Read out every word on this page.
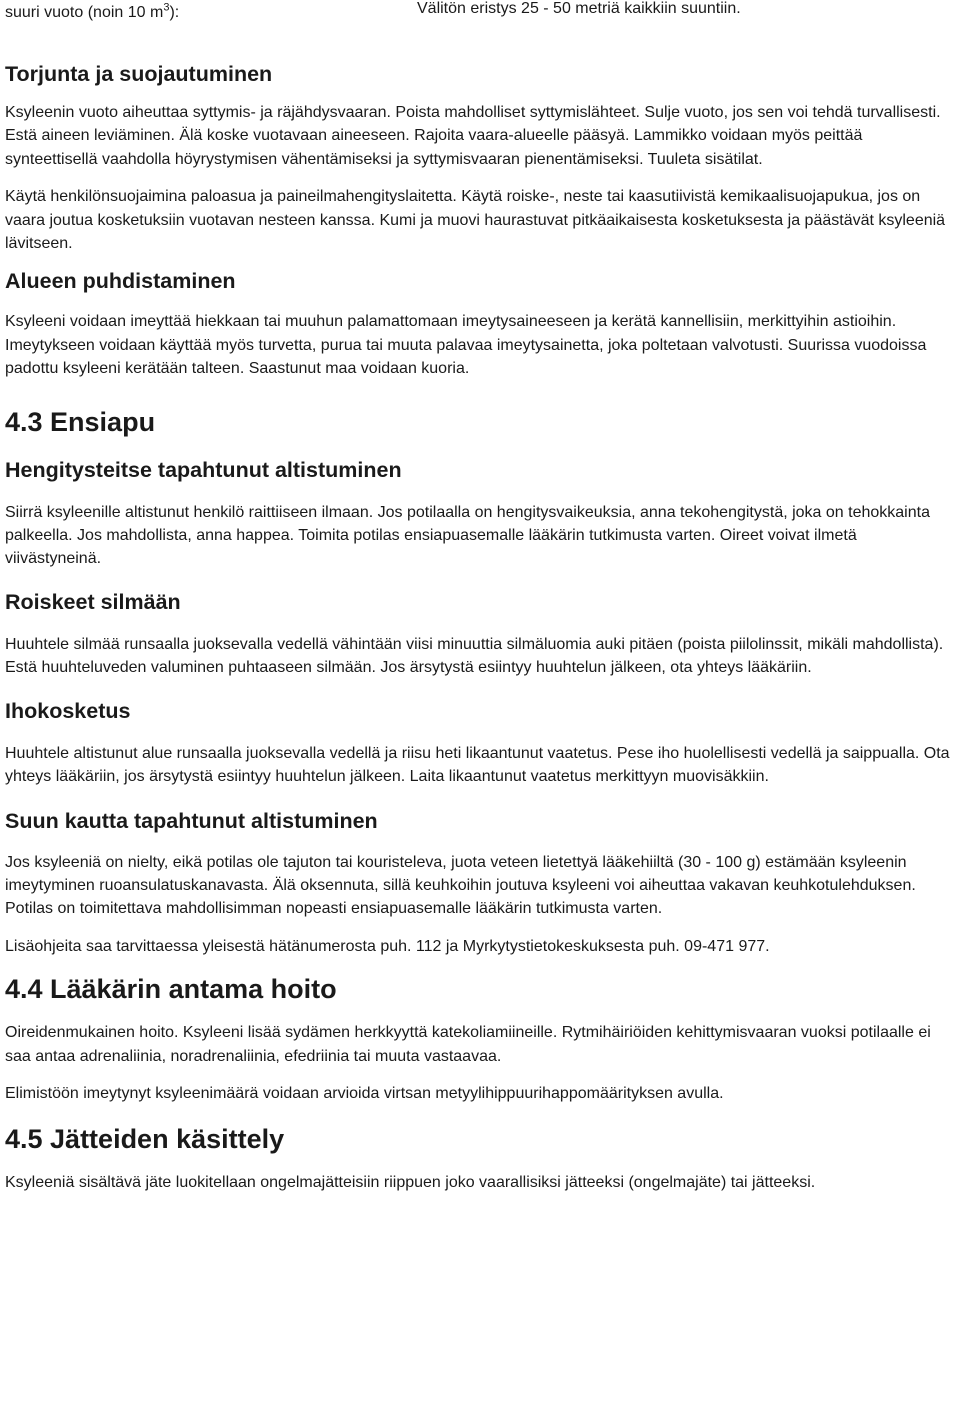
suuri vuoto (noin 10 $m^3$):	Välitön eristys 25 - 50 metriä kaikkiin suuntiin.
Torjunta ja suojautuminen

Ksyleenin vuoto aiheuttaa syttymis- ja räjähdysvaaran. Poista mahdolliset syttymislähteet. Sulje vuoto, jos sen voi tehdä turvallisesti. Estä aineen leviäminen. Älä koske vuotavaan aineeseen. Rajoita vaara-alueelle pääsyä. Lammikko voidaan myös peittää synteettisellä vaahdolla höyrystymisen vähentämiseksi ja syttymisvaaran pienentämiseksi. Tuuleta sisätilat.

Käytä henkilönsuojaimina paloasua ja paineilmahengityslaitetta. Käytä roiske-, neste tai kaasutiivistä kemikaalisuojapukua, jos on vaara joutua kosketuksiin vuotavan nesteen kanssa. Kumi ja muovi haurastuvat pitkäaikaisesta kosketuksesta ja päästävät ksyleeniä lävitseen.

Alueen puhdistaminen

Ksyleeni voidaan imeyttää hiekkaan tai muuhun palamattomaan imeytysaineeseen ja kerätä kannellisiin, merkittyihin astioihin. Imeytykseen voidaan käyttää myös turvetta, purua tai muuta palavaa imeytysainetta, joka poltetaan valvotusti. Suurissa vuodoissa padottu ksyleeni kerätään talteen. Saastunut maa voidaan kuoria.

4.3 Ensiapu
Hengitysteitse tapahtunut altistuminen

Siirrä ksyleenille altistunut henkilö raittiiseen ilmaan. Jos potilaalla on hengitysvaikeuksia, anna tekohengitystä, joka on tehokkainta palkeella. Jos mahdollista, anna happea. Toimita potilas ensiapuasemalle lääkärin tutkimusta varten. Oireet voivat ilmetä viivästyneinä.

Roiskeet silmään

Huuhtele silmää runsaalla juoksevalla vedellä vähintään viisi minuuttia silmäluomia auki pitäen (poista piilolinssit, mikäli mahdollista). Estä huuhteluveden valuminen puhtaaseen silmään. Jos ärsytystä esiintyy huuhtelun jälkeen, ota yhteys lääkäriin.

Ihokosketus

Huuhtele altistunut alue runsaalla juoksevalla vedellä ja riisu heti likaantunut vaatetus. Pese iho huolellisesti vedellä ja saippualla. Ota yhteys lääkäriin, jos ärsytystä esiintyy huuhtelun jälkeen. Laita likaantunut vaatetus merkittyyn muovisäkkiin.

Suun kautta tapahtunut altistuminen

Jos ksyleeniä on nielty, eikä potilas ole tajuton tai kouristeleva, juota veteen lietettyä lääkehiiltä (30 - 100 g) estämään ksyleenin imeytyminen ruoansulatuskanavasta. Älä oksennuta, sillä keuhkoihin joutuva ksyleeni voi aiheuttaa vakavan keuhkotulehduksen. Potilas on toimitettava mahdollisimman nopeasti ensiapuasemalle lääkärin tutkimusta varten.

Lisäohjeita saa tarvittaessa yleisestä hätänumerosta puh. 112 ja Myrkytystietokeskuksesta puh. 09-471 977.

4.4 Lääkärin antama hoito

Oireidenmukainen hoito. Ksyleeni lisää sydämen herkkyyttä katekoliamiineille. Rytmihäiriöiden kehittymisvaaran vuoksi potilaalle ei saa antaa adrenaliinia, noradrenaliinia, efedriinia tai muuta vastaavaa.

Elimistöön imeytynyt ksyleenimäärä voidaan arvioida virtsan metyylihippuurihappomäärityksen avulla.

4.5 Jätteiden käsittely

Ksyleeniä sisältävä jäte luokitellaan ongelmajätteisiin riippuen joko vaarallisiksi jätteeksi (ongelmajäte) tai jätteeksi.
